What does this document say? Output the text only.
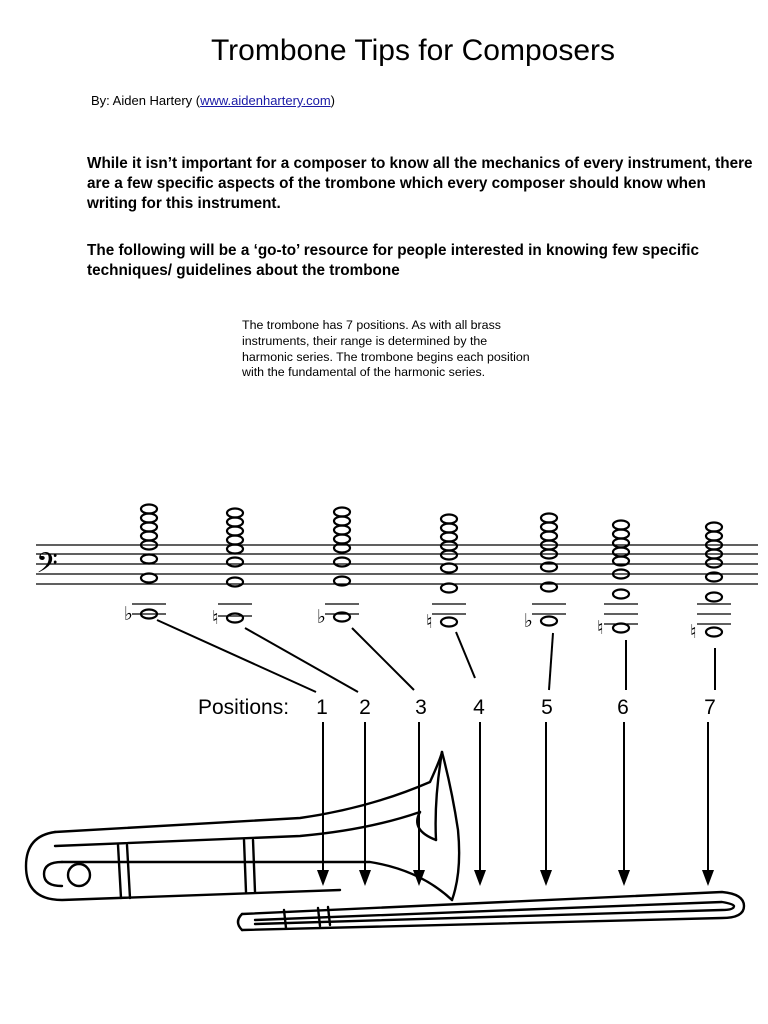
Trombone Tips for Composers
By: Aiden Hartery (www.aidenhartery.com)

While it isn’t important for a composer to know all the mechanics of every instrument, there are a few specific aspects of the trombone which every composer should know when writing for this instrument.

The following will be a ‘go-to’ resource for people interested in knowing few specific techniques/ guidelines about the trombone

The trombone has 7 positions. As with all brass instruments, their range is determined by the harmonic series. The trombone begins each position with the fundamental of the harmonic series.

𝄢
♭	♮	♭	♮	♭	♮	♮
Positions: 1 2 3 4	5	6	7
